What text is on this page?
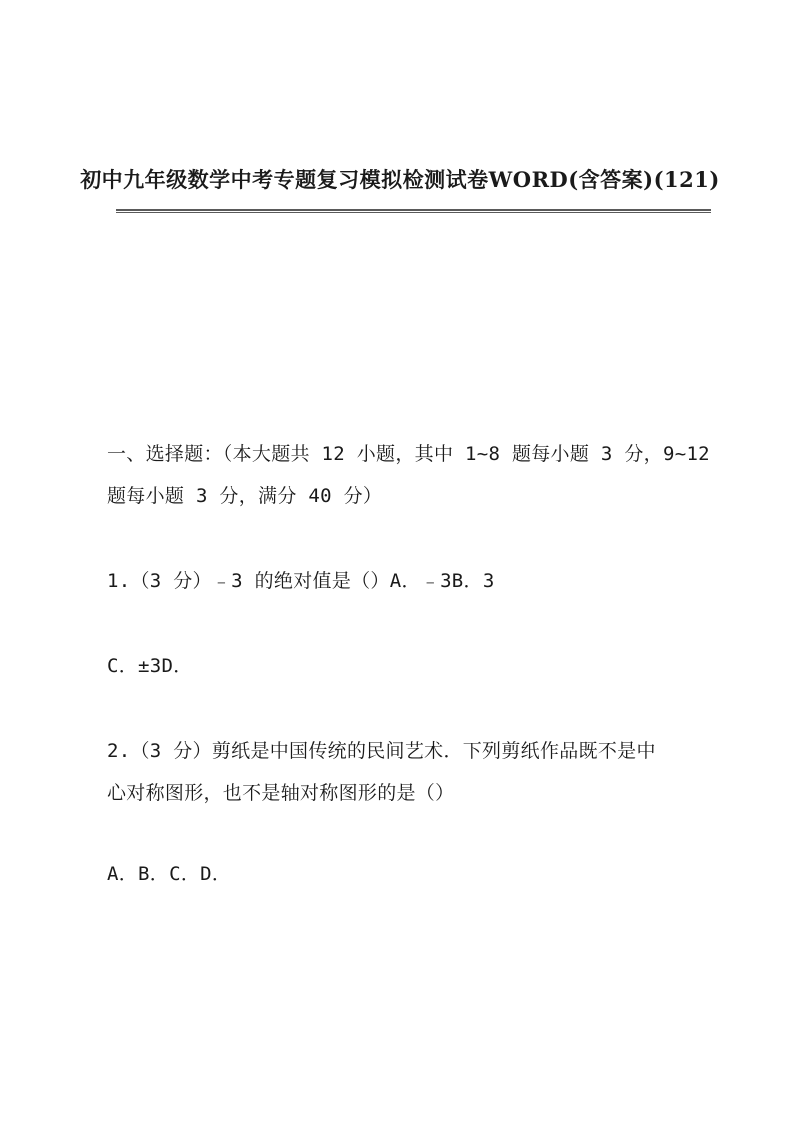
初中九年级数学中考专题复习模拟检测试卷WORD(含答案)(121)
一、选择题：（本大题共 12 小题，其中 1~8 题每小题 3 分，9~12
题每小题 3 分，满分 40 分）
1.（3 分）﹣3 的绝对值是（）A．﹣3B．3
C．±3D．
2.（3 分）剪纸是中国传统的民间艺术．下列剪纸作品既不是中
心对称图形，也不是轴对称图形的是（）
A．B．C．D．
